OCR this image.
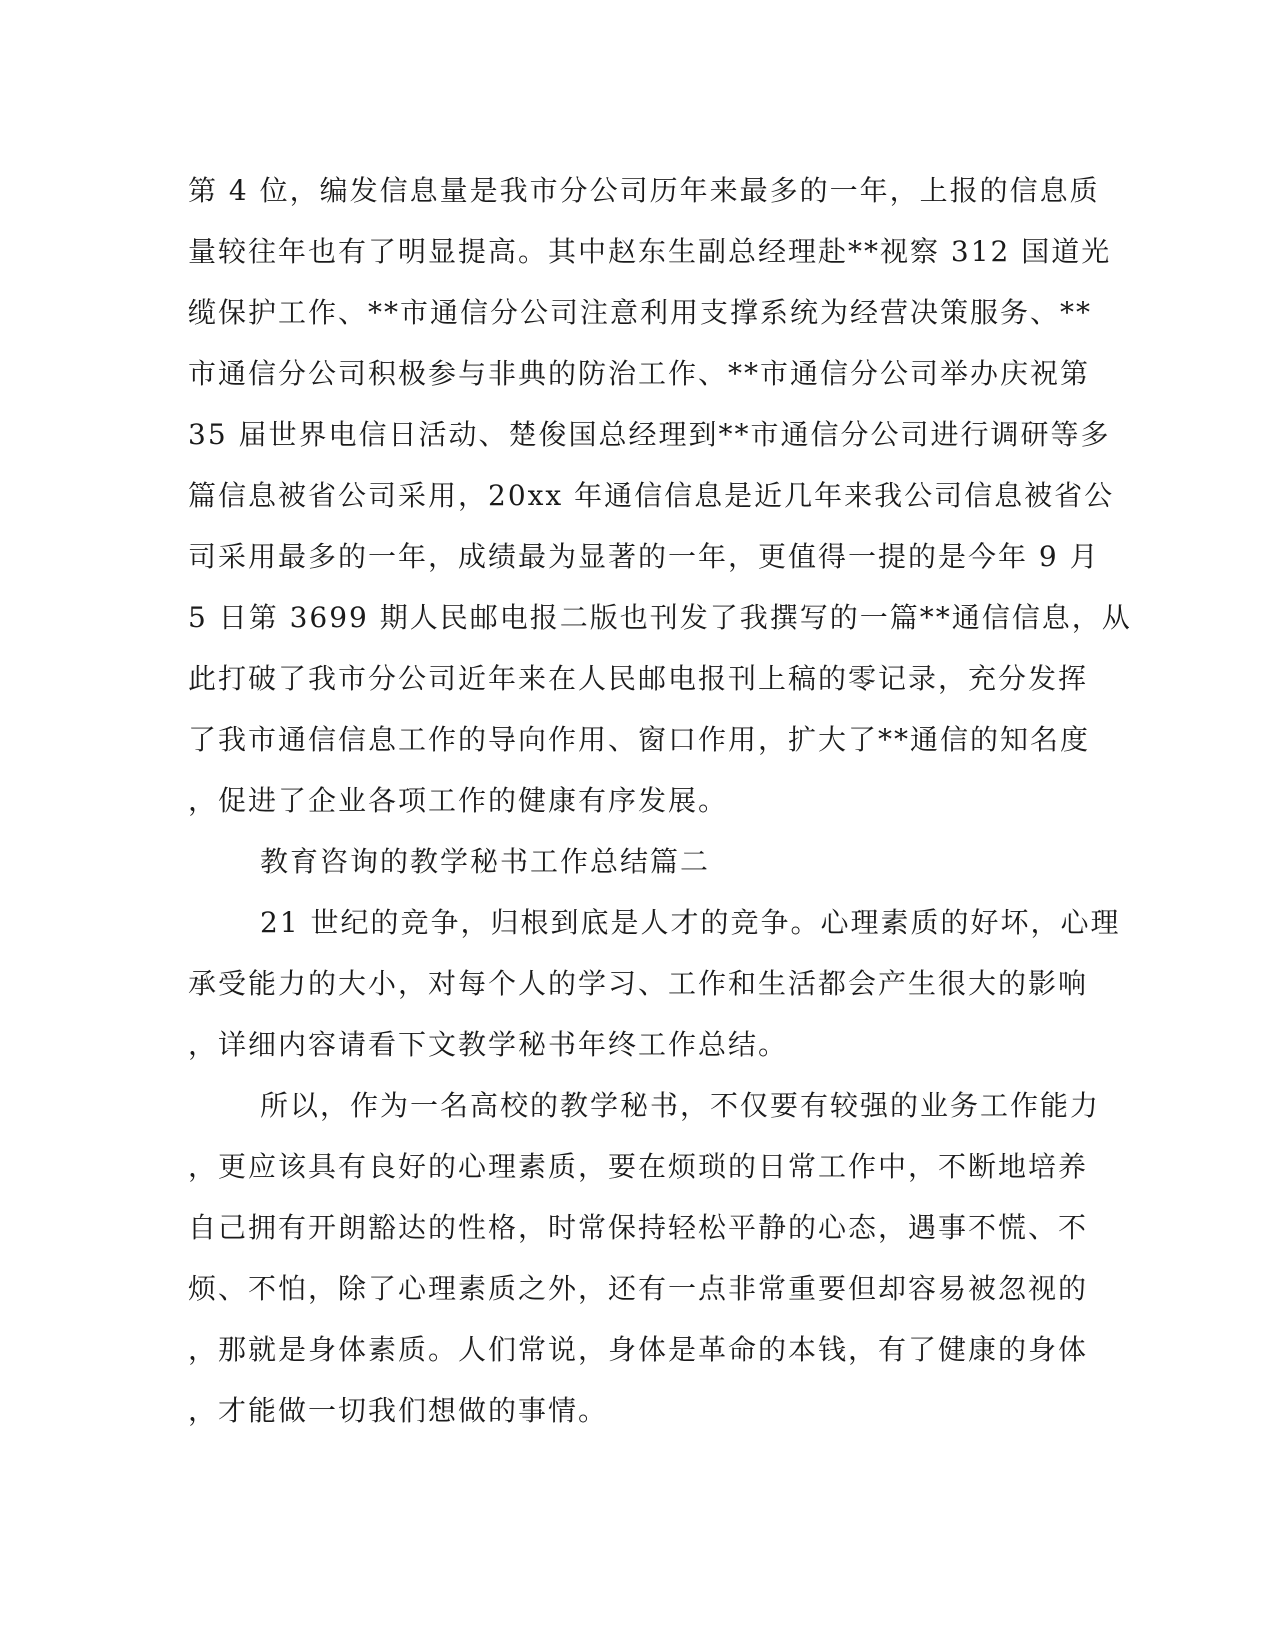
第 4 位，编发信息量是我市分公司历年来最多的一年，上报的信息质
量较往年也有了明显提高。其中赵东生副总经理赴**视察 312 国道光
缆保护工作、**市通信分公司注意利用支撑系统为经营决策服务、**
市通信分公司积极参与非典的防治工作、**市通信分公司举办庆祝第
35 届世界电信日活动、楚俊国总经理到**市通信分公司进行调研等多
篇信息被省公司采用，20xx 年通信信息是近几年来我公司信息被省公
司采用最多的一年，成绩最为显著的一年，更值得一提的是今年 9 月
5 日第 3699 期人民邮电报二版也刊发了我撰写的一篇**通信信息，从
此打破了我市分公司近年来在人民邮电报刊上稿的零记录，充分发挥
了我市通信信息工作的导向作用、窗口作用，扩大了**通信的知名度
，促进了企业各项工作的健康有序发展。
教育咨询的教学秘书工作总结篇二
21 世纪的竞争，归根到底是人才的竞争。心理素质的好坏，心理
承受能力的大小，对每个人的学习、工作和生活都会产生很大的影响
，详细内容请看下文教学秘书年终工作总结。
所以，作为一名高校的教学秘书，不仅要有较强的业务工作能力
，更应该具有良好的心理素质，要在烦琐的日常工作中，不断地培养
自己拥有开朗豁达的性格，时常保持轻松平静的心态，遇事不慌、不
烦、不怕，除了心理素质之外，还有一点非常重要但却容易被忽视的
，那就是身体素质。人们常说，身体是革命的本钱，有了健康的身体
，才能做一切我们想做的事情。
